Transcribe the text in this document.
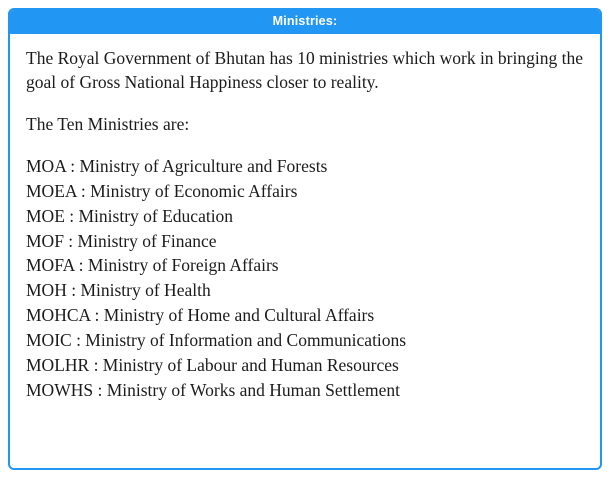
Ministries:

The Royal Government of Bhutan has 10 ministries which work in bringing the goal of Gross National Happiness closer to reality.

The Ten Ministries are:

MOA : Ministry of Agriculture and Forests
MOEA : Ministry of Economic Affairs
MOE : Ministry of Education
MOF : Ministry of Finance
MOFA : Ministry of Foreign Affairs
MOH : Ministry of Health
MOHCA : Ministry of Home and Cultural Affairs
MOIC : Ministry of Information and Communications
MOLHR : Ministry of Labour and Human Resources
MOWHS : Ministry of Works and Human Settlement
